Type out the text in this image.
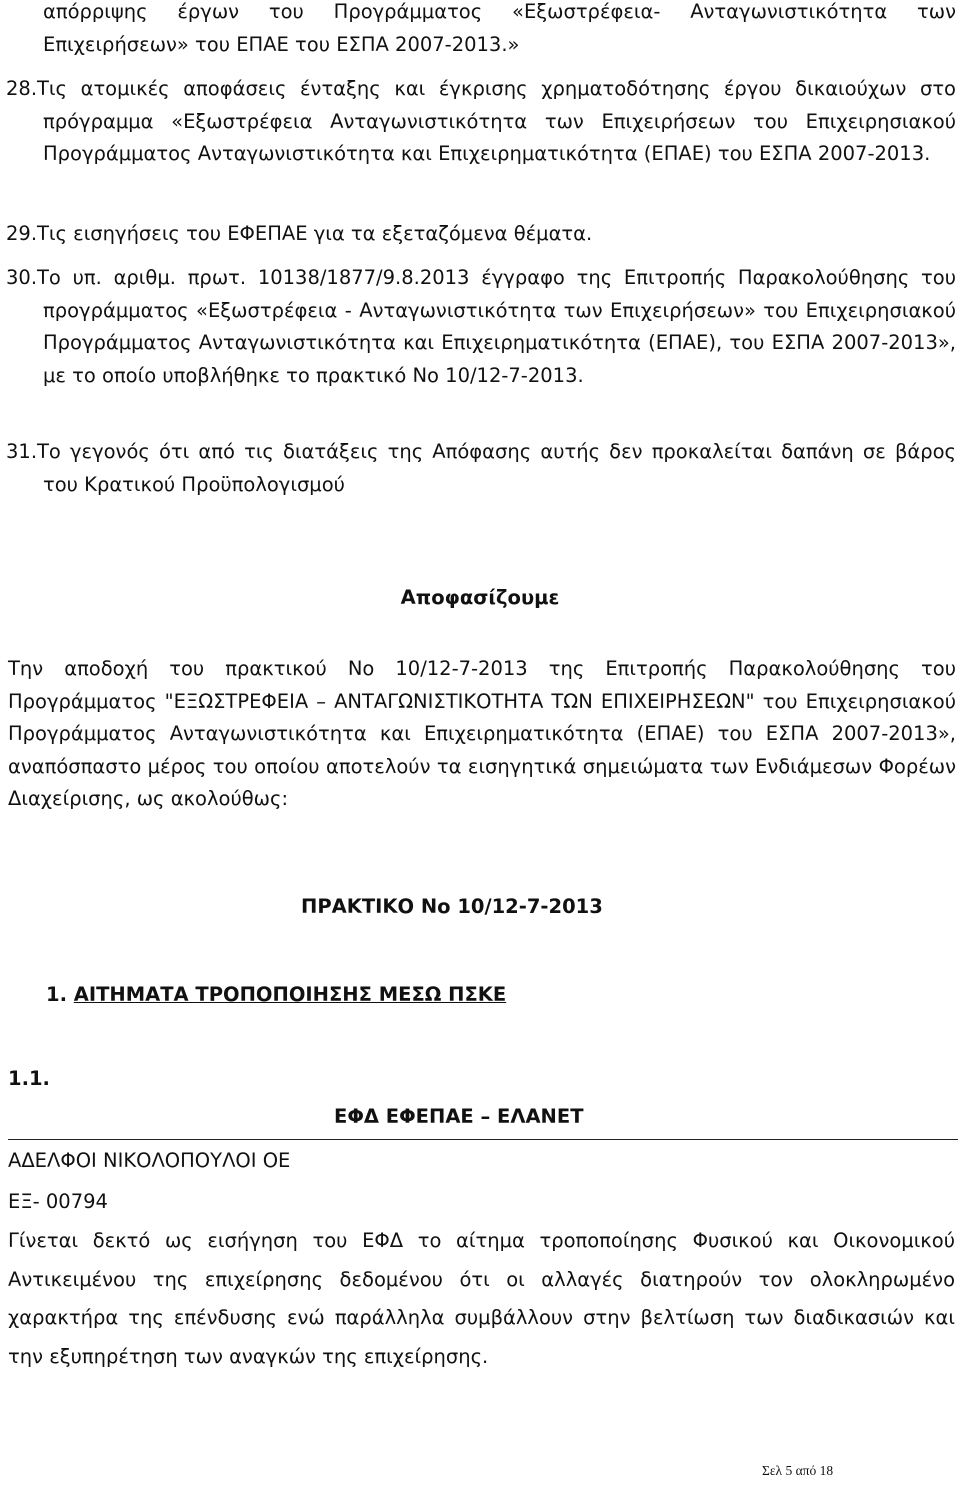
απόρριψης έργων του Προγράμματος «Εξωστρέφεια- Ανταγωνιστικότητα των Επιχειρήσεων» του ΕΠΑΕ του ΕΣΠΑ 2007-2013.»

28.Τις ατομικές αποφάσεις ένταξης και έγκρισης χρηματοδότησης έργου δικαιούχων στο πρόγραμμα «Εξωστρέφεια Ανταγωνιστικότητα των Επιχειρήσεων του Επιχειρησιακού Προγράμματος Ανταγωνιστικότητα και Επιχειρηματικότητα (ΕΠΑΕ) του ΕΣΠΑ 2007-2013.

29.Τις εισηγήσεις του ΕΦΕΠΑΕ για τα εξεταζόμενα θέματα.

30.Το υπ. αριθμ. πρωτ. 10138/1877/9.8.2013 έγγραφο της Επιτροπής Παρακολούθησης του προγράμματος «Εξωστρέφεια - Ανταγωνιστικότητα των Επιχειρήσεων» του Επιχειρησιακού Προγράμματος Ανταγωνιστικότητα και Επιχειρηματικότητα (ΕΠΑΕ), του ΕΣΠΑ 2007-2013», με το οποίο υποβλήθηκε το πρακτικό Νο 10/12-7-2013.

31.Το γεγονός ότι από τις διατάξεις της Απόφασης αυτής δεν προκαλείται δαπάνη σε βάρος του Κρατικού Προϋπολογισμού

Αποφασίζουμε

Την αποδοχή του πρακτικού Νο 10/12-7-2013 της Επιτροπής Παρακολούθησης του Προγράμματος "ΕΞΩΣΤΡΕΦΕΙΑ – ΑΝΤΑΓΩΝΙΣΤΙΚΟΤΗΤΑ ΤΩΝ ΕΠΙΧΕΙΡΗΣΕΩΝ" του Επιχειρησιακού Προγράμματος Ανταγωνιστικότητα και Επιχειρηματικότητα (ΕΠΑΕ) του ΕΣΠΑ 2007-2013», αναπόσπαστο μέρος του οποίου αποτελούν τα εισηγητικά σημειώματα των Ενδιάμεσων Φορέων Διαχείρισης, ως ακολούθως:

ΠΡΑΚΤΙΚΟ Νο 10/12-7-2013
1. ΑΙΤΗΜΑΤΑ ΤΡΟΠΟΠΟΙΗΣΗΣ ΜΕΣΩ ΠΣΚΕ
1.1.
ΕΦΔ ΕΦΕΠΑΕ – ΕΛΑΝΕΤ
ΑΔΕΛΦΟΙ ΝΙΚΟΛΟΠΟΥΛΟΙ ΟΕ
ΕΞ- 00794

Γίνεται δεκτό ως εισήγηση του ΕΦΔ το αίτημα τροποποίησης Φυσικού και Οικονομικού Αντικειμένου της επιχείρησης δεδομένου ότι οι αλλαγές διατηρούν τον ολοκληρωμένο χαρακτήρα της επένδυσης ενώ παράλληλα συμβάλλουν στην βελτίωση των διαδικασιών και την εξυπηρέτηση των αναγκών της επιχείρησης.

Σελ 5 από 18
